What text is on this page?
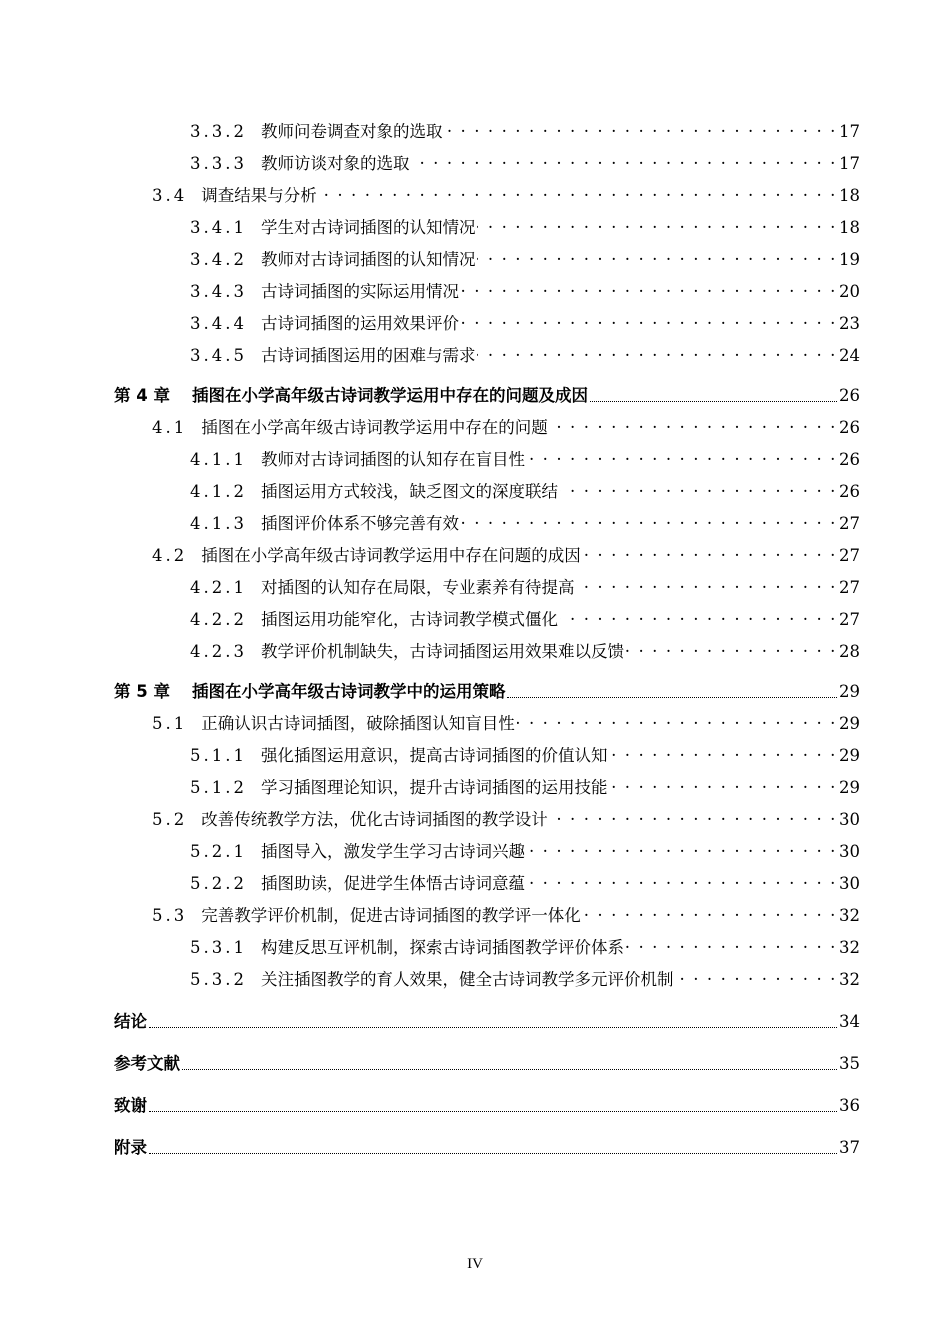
3.3.2 教师问卷调查对象的选取 . . .	17
3.3.3 教师访谈对象的选取 . . .	17
3.4 调查结果与分析 . . .	18
3.4.1 学生对古诗词插图的认知情况 . . .	18
3.4.2 教师对古诗词插图的认知情况 . . .	19
3.4.3 古诗词插图的实际运用情况 . . .	20
3.4.4 古诗词插图的运用效果评价 . . .	23
3.4.5 古诗词插图运用的困难与需求 . . .	24
第 4 章 插图在小学高年级古诗词教学运用中存在的问题及成因	26
4.1 插图在小学高年级古诗词教学运用中存在的问题 . . .	26
4.1.1 教师对古诗词插图的认知存在盲目性 . . .	26
4.1.2 插图运用方式较浅，缺乏图文的深度联结 . . .	26
4.1.3 插图评价体系不够完善有效 . . .	27
4.2 插图在小学高年级古诗词教学运用中存在问题的成因 . . .	27
4.2.1 对插图的认知存在局限，专业素养有待提高 . . .	27
4.2.2 插图运用功能窄化，古诗词教学模式僵化 . . .	27
4.2.3 教学评价机制缺失，古诗词插图运用效果难以反馈 . . .	28
第 5 章 插图在小学高年级古诗词教学中的运用策略	29
5.1 正确认识古诗词插图，破除插图认知盲目性 . . .	29
5.1.1 强化插图运用意识，提高古诗词插图的价值认知 . . .	29
5.1.2 学习插图理论知识，提升古诗词插图的运用技能 . . .	29
5.2 改善传统教学方法，优化古诗词插图的教学设计 . . .	30
5.2.1 插图导入，激发学生学习古诗词兴趣 . . .	30
5.2.2 插图助读，促进学生体悟古诗词意蕴 . . .	30
5.3 完善教学评价机制，促进古诗词插图的教学评一体化 . . .	32
5.3.1 构建反思互评机制，探索古诗词插图教学评价体系 . . .	32
5.3.2 关注插图教学的育人效果，健全古诗词教学多元评价机制 . . .	32
结论	34
参考文献	35
致谢	36
附录	37
IV
